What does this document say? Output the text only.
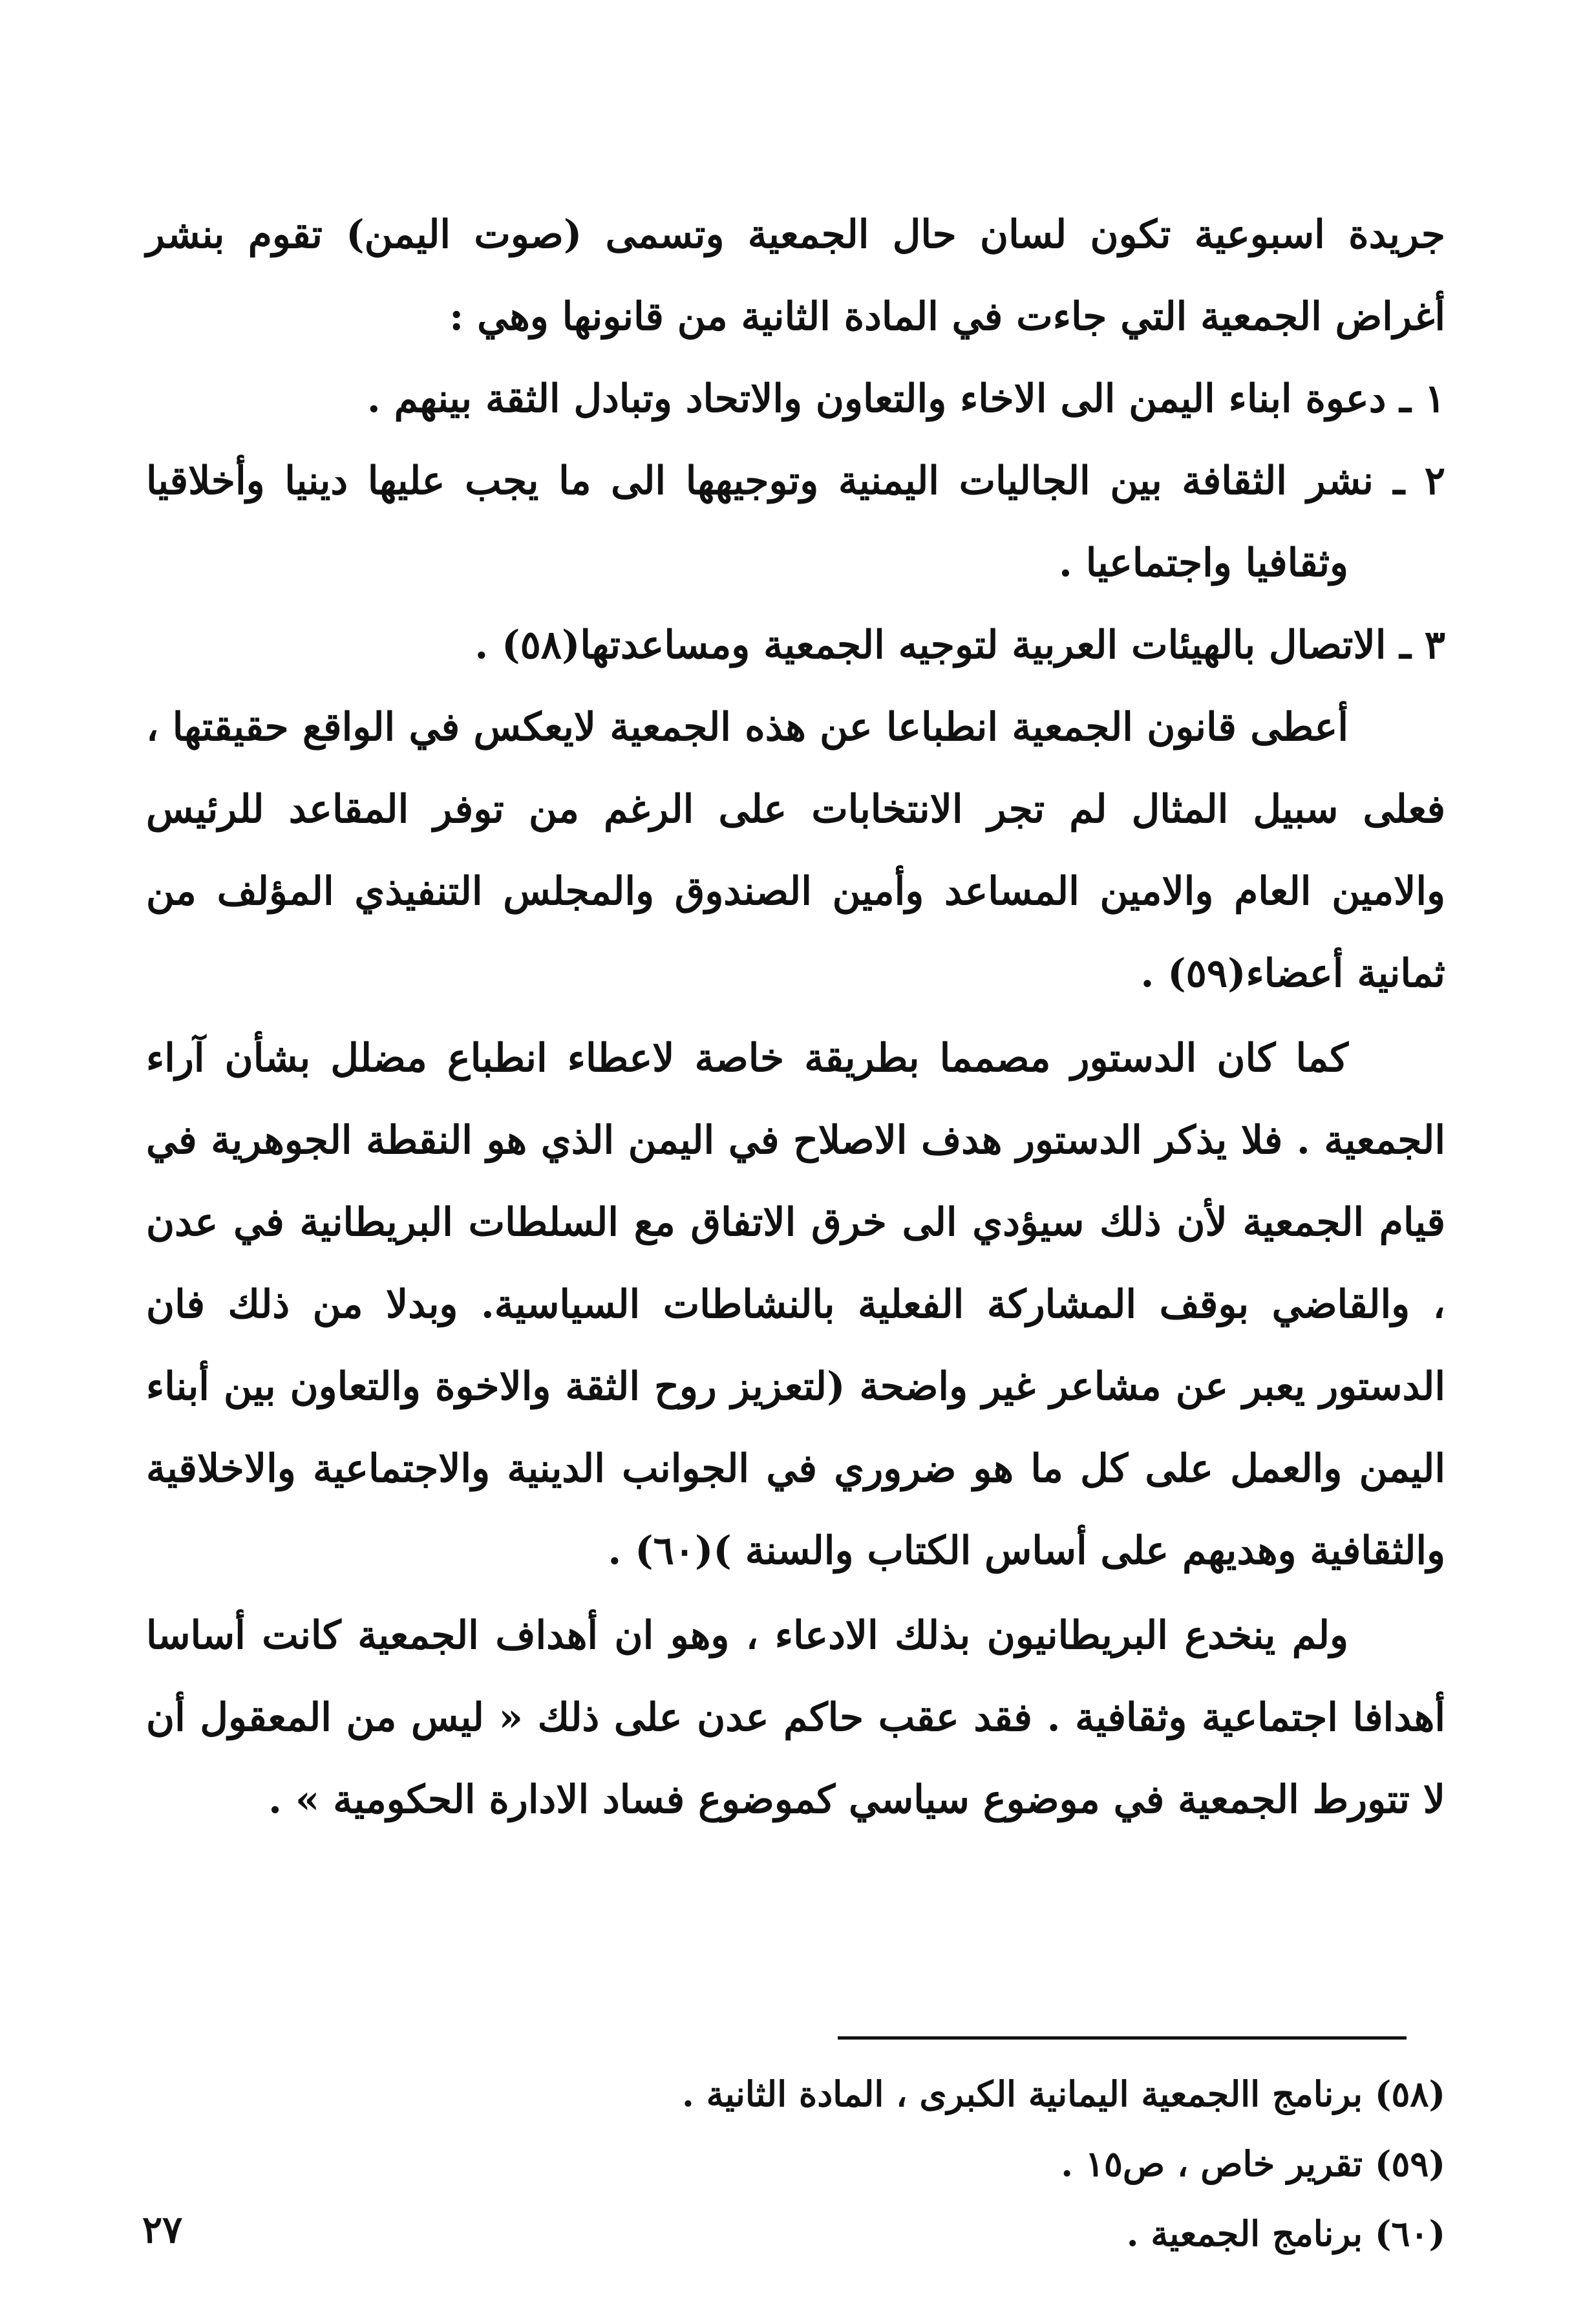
جريدة اسبوعية تكون لسان حال الجمعية وتسمى (صوت اليمن) تقوم بنشر أغراض الجمعية التي جاءت في المادة الثانية من قانونها وهي :

١ ـ دعوة ابناء اليمن الى الاخاء والتعاون والاتحاد وتبادل الثقة بينهم .

٢ ـ نشر الثقافة بين الجاليات اليمنية وتوجيهها الى ما يجب عليها دينيا وأخلاقيا وثقافيا واجتماعيا .

٣ ـ الاتصال بالهيئات العربية لتوجيه الجمعية ومساعدتها(٥٨) .

أعطى قانون الجمعية انطباعا عن هذه الجمعية لايعكس في الواقع حقيقتها ، فعلى سبيل المثال لم تجر الانتخابات على الرغم من توفر المقاعد للرئيس والامين العام والامين المساعد وأمين الصندوق والمجلس التنفيذي المؤلف من ثمانية أعضاء(٥٩) .

كما كان الدستور مصمما بطريقة خاصة لاعطاء انطباع مضلل بشأن آراء الجمعية . فلا يذكر الدستور هدف الاصلاح في اليمن الذي هو النقطة الجوهرية في قيام الجمعية لأن ذلك سيؤدي الى خرق الاتفاق مع السلطات البريطانية في عدن ، والقاضي بوقف المشاركة الفعلية بالنشاطات السياسية. وبدلا من ذلك فان الدستور يعبر عن مشاعر غير واضحة (لتعزيز روح الثقة والاخوة والتعاون بين أبناء اليمن والعمل على كل ما هو ضروري في الجوانب الدينية والاجتماعية والاخلاقية والثقافية وهديهم على أساس الكتاب والسنة )(٦٠) .

ولم ينخدع البريطانيون بذلك الادعاء ، وهو ان أهداف الجمعية كانت أساسا أهدافا اجتماعية وثقافية . فقد عقب حاكم عدن على ذلك « ليس من المعقول أن لا تتورط الجمعية في موضوع سياسي كموضوع فساد الادارة الحكومية » .

(٥٨) برنامج االجمعية اليمانية الكبرى ، المادة الثانية .

(٥٩) تقرير خاص ، ص١٥ .

(٦٠) برنامج الجمعية .

٢٧
